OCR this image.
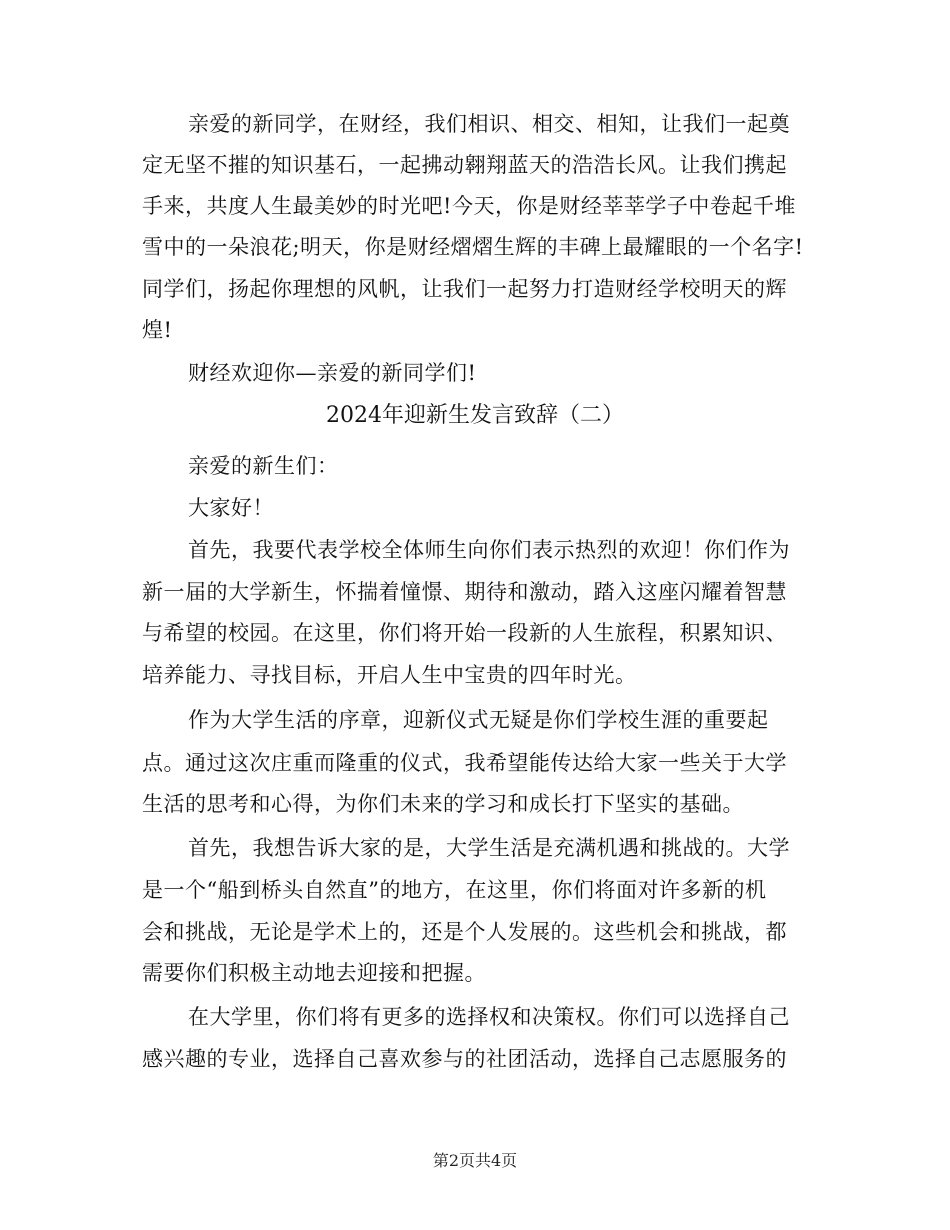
亲爱的新同学，在财经，我们相识、相交、相知，让我们一起奠
定无坚不摧的知识基石，一起拂动翱翔蓝天的浩浩长风。让我们携起
手来，共度人生最美妙的时光吧!今天，你是财经莘莘学子中卷起千堆
雪中的一朵浪花;明天，你是财经熠熠生辉的丰碑上最耀眼的一个名字!
同学们，扬起你理想的风帆，让我们一起努力打造财经学校明天的辉
煌!
财经欢迎你—亲爱的新同学们!
2024年迎新生发言致辞（二）
亲爱的新生们：
大家好！
首先，我要代表学校全体师生向你们表示热烈的欢迎！你们作为
新一届的大学新生，怀揣着憧憬、期待和激动，踏入这座闪耀着智慧
与希望的校园。在这里，你们将开始一段新的人生旅程，积累知识、
培养能力、寻找目标，开启人生中宝贵的四年时光。
作为大学生活的序章，迎新仪式无疑是你们学校生涯的重要起
点。通过这次庄重而隆重的仪式，我希望能传达给大家一些关于大学
生活的思考和心得，为你们未来的学习和成长打下坚实的基础。
首先，我想告诉大家的是，大学生活是充满机遇和挑战的。大学
是一个“船到桥头自然直”的地方，在这里，你们将面对许多新的机
会和挑战，无论是学术上的，还是个人发展的。这些机会和挑战，都
需要你们积极主动地去迎接和把握。
在大学里，你们将有更多的选择权和决策权。你们可以选择自己
感兴趣的专业，选择自己喜欢参与的社团活动，选择自己志愿服务的
第2页共4页
